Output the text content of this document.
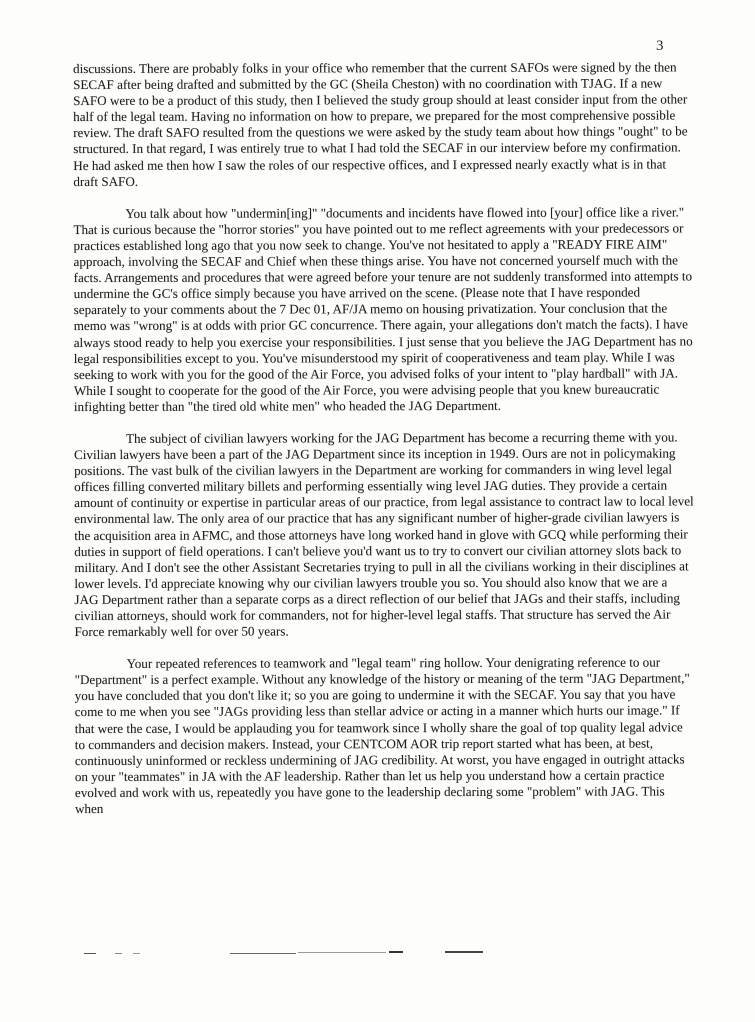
3

discussions. There are probably folks in your office who remember that the current SAFOs were signed by the then SECAF after being drafted and submitted by the GC (Sheila Cheston) with no coordination with TJAG. If a new SAFO were to be a product of this study, then I believed the study group should at least consider input from the other half of the legal team. Having no information on how to prepare, we prepared for the most comprehensive possible review. The draft SAFO resulted from the questions we were asked by the study team about how things "ought" to be structured. In that regard, I was entirely true to what I had told the SECAF in our interview before my confirmation. He had asked me then how I saw the roles of our respective offices, and I expressed nearly exactly what is in that draft SAFO.

You talk about how "undermin[ing]" "documents and incidents have flowed into [your] office like a river." That is curious because the "horror stories" you have pointed out to me reflect agreements with your predecessors or practices established long ago that you now seek to change. You've not hesitated to apply a "READY FIRE AIM" approach, involving the SECAF and Chief when these things arise. You have not concerned yourself much with the facts. Arrangements and procedures that were agreed before your tenure are not suddenly transformed into attempts to undermine the GC's office simply because you have arrived on the scene. (Please note that I have responded separately to your comments about the 7 Dec 01, AF/JA memo on housing privatization. Your conclusion that the memo was "wrong" is at odds with prior GC concurrence. There again, your allegations don't match the facts). I have always stood ready to help you exercise your responsibilities. I just sense that you believe the JAG Department has no legal responsibilities except to you. You've misunderstood my spirit of cooperativeness and team play. While I was seeking to work with you for the good of the Air Force, you advised folks of your intent to "play hardball" with JA. While I sought to cooperate for the good of the Air Force, you were advising people that you knew bureaucratic infighting better than "the tired old white men" who headed the JAG Department.

The subject of civilian lawyers working for the JAG Department has become a recurring theme with you. Civilian lawyers have been a part of the JAG Department since its inception in 1949. Ours are not in policymaking positions. The vast bulk of the civilian lawyers in the Department are working for commanders in wing level legal offices filling converted military billets and performing essentially wing level JAG duties. They provide a certain amount of continuity or expertise in particular areas of our practice, from legal assistance to contract law to local level environmental law. The only area of our practice that has any significant number of higher-grade civilian lawyers is the acquisition area in AFMC, and those attorneys have long worked hand in glove with GCQ while performing their duties in support of field operations. I can't believe you'd want us to try to convert our civilian attorney slots back to military. And I don't see the other Assistant Secretaries trying to pull in all the civilians working in their disciplines at lower levels. I'd appreciate knowing why our civilian lawyers trouble you so. You should also know that we are a JAG Department rather than a separate corps as a direct reflection of our belief that JAGs and their staffs, including civilian attorneys, should work for commanders, not for higher-level legal staffs. That structure has served the Air Force remarkably well for over 50 years.

Your repeated references to teamwork and "legal team" ring hollow. Your denigrating reference to our "Department" is a perfect example. Without any knowledge of the history or meaning of the term "JAG Department," you have concluded that you don't like it; so you are going to undermine it with the SECAF. You say that you have come to me when you see "JAGs providing less than stellar advice or acting in a manner which hurts our image." If that were the case, I would be applauding you for teamwork since I wholly share the goal of top quality legal advice to commanders and decision makers. Instead, your CENTCOM AOR trip report started what has been, at best, continuously uninformed or reckless undermining of JAG credibility. At worst, you have engaged in outright attacks on your "teammates" in JA with the AF leadership. Rather than let us help you understand how a certain practice evolved and work with us, repeatedly you have gone to the leadership declaring some "problem" with JAG. This when
